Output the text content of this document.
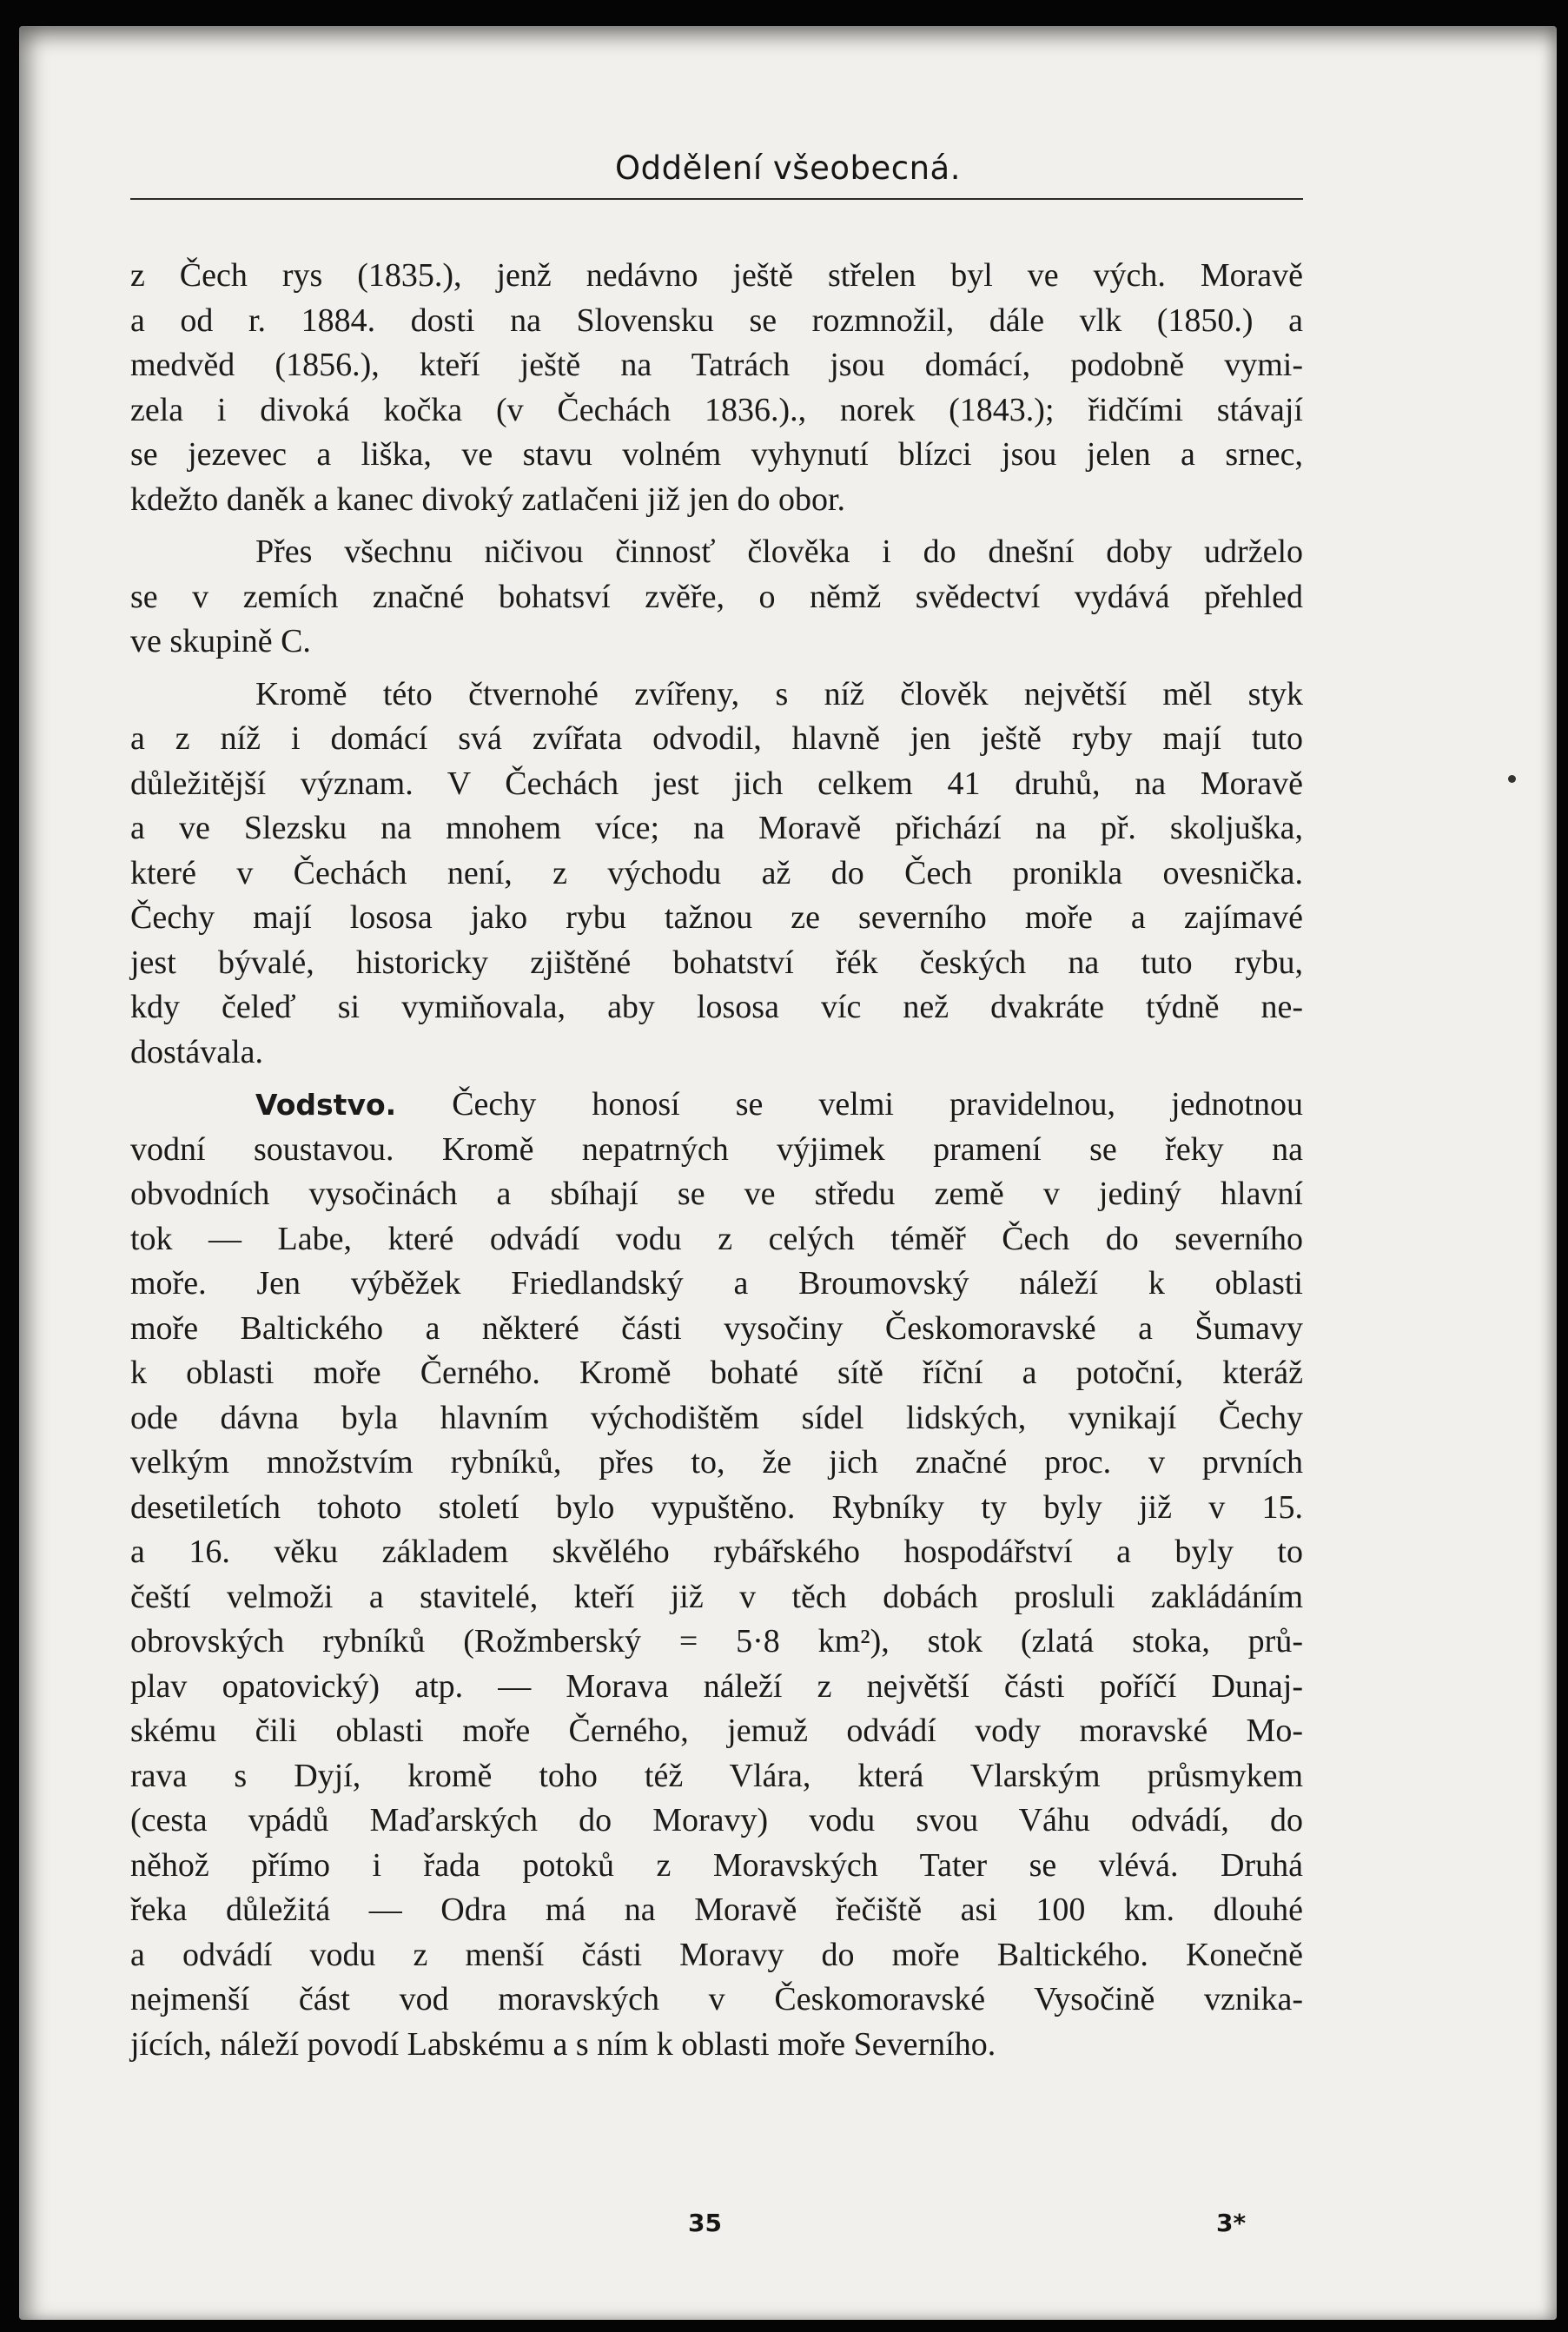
Oddělení všeobecná.
z Čech rys (1835.), jenž nedávno ještě střelen byl ve vých. Moravě
a od r. 1884. dosti na Slovensku se rozmnožil, dále vlk (1850.) a
medvěd (1856.), kteří ještě na Tatrách jsou domácí, podobně vymi-
zela i divoká kočka (v Čechách 1836.)., norek (1843.); řidčími stávají
se jezevec a liška, ve stavu volném vyhynutí blízci jsou jelen a srnec,
kdežto daněk a kanec divoký zatlačeni již jen do obor.
Přes všechnu ničivou činnosť člověka i do dnešní doby udrželo
se v zemích značné bohatsví zvěře, o němž svědectví vydává přehled
ve skupině C.
Kromě této čtvernohé zvířeny, s níž člověk největší měl styk
a z níž i domácí svá zvířata odvodil, hlavně jen ještě ryby mají tuto
důležitější význam. V Čechách jest jich celkem 41 druhů, na Moravě
a ve Slezsku na mnohem více; na Moravě přichází na př. skoljuška,
které v Čechách není, z východu až do Čech pronikla ovesnička.
Čechy mají lososa jako rybu tažnou ze severního moře a zajímavé
jest bývalé, historicky zjištěné bohatství řék českých na tuto rybu,
kdy čeleď si vymiňovala, aby lososa víc než dvakráte týdně ne-
dostávala.
Vodstvo. Čechy honosí se velmi pravidelnou, jednotnou
vodní soustavou. Kromě nepatrných výjimek pramení se řeky na
obvodních vysočinách a sbíhají se ve středu země v jediný hlavní
tok — Labe, které odvádí vodu z celých téměř Čech do severního
moře. Jen výběžek Friedlandský a Broumovský náleží k oblasti
moře Baltického a některé části vysočiny Českomoravské a Šumavy
k oblasti moře Černého. Kromě bohaté sítě říční a potoční, kteráž
ode dávna byla hlavním východištěm sídel lidských, vynikají Čechy
velkým množstvím rybníků, přes to, že jich značné proc. v prvních
desetiletích tohoto století bylo vypuštěno. Rybníky ty byly již v 15.
a 16. věku základem skvělého rybářského hospodářství a byly to
čeští velmoži a stavitelé, kteří již v těch dobách prosluli zakládáním
obrovských rybníků (Rožmberský = 5·8 km²), stok (zlatá stoka, prů-
plav opatovický) atp. — Morava náleží z největší části poříčí Dunaj-
skému čili oblasti moře Černého, jemuž odvádí vody moravské Mo-
rava s Dyjí, kromě toho též Vlára, která Vlarským průsmykem
(cesta vpádů Maďarských do Moravy) vodu svou Váhu odvádí, do
něhož přímo i řada potoků z Moravských Tater se vlévá. Druhá
řeka důležitá — Odra má na Moravě řečiště asi 100 km. dlouhé
a odvádí vodu z menší části Moravy do moře Baltického. Konečně
nejmenší část vod moravských v Českomoravské Vysočině vznika-
jících, náleží povodí Labskému a s ním k oblasti moře Severního.
35	3*
